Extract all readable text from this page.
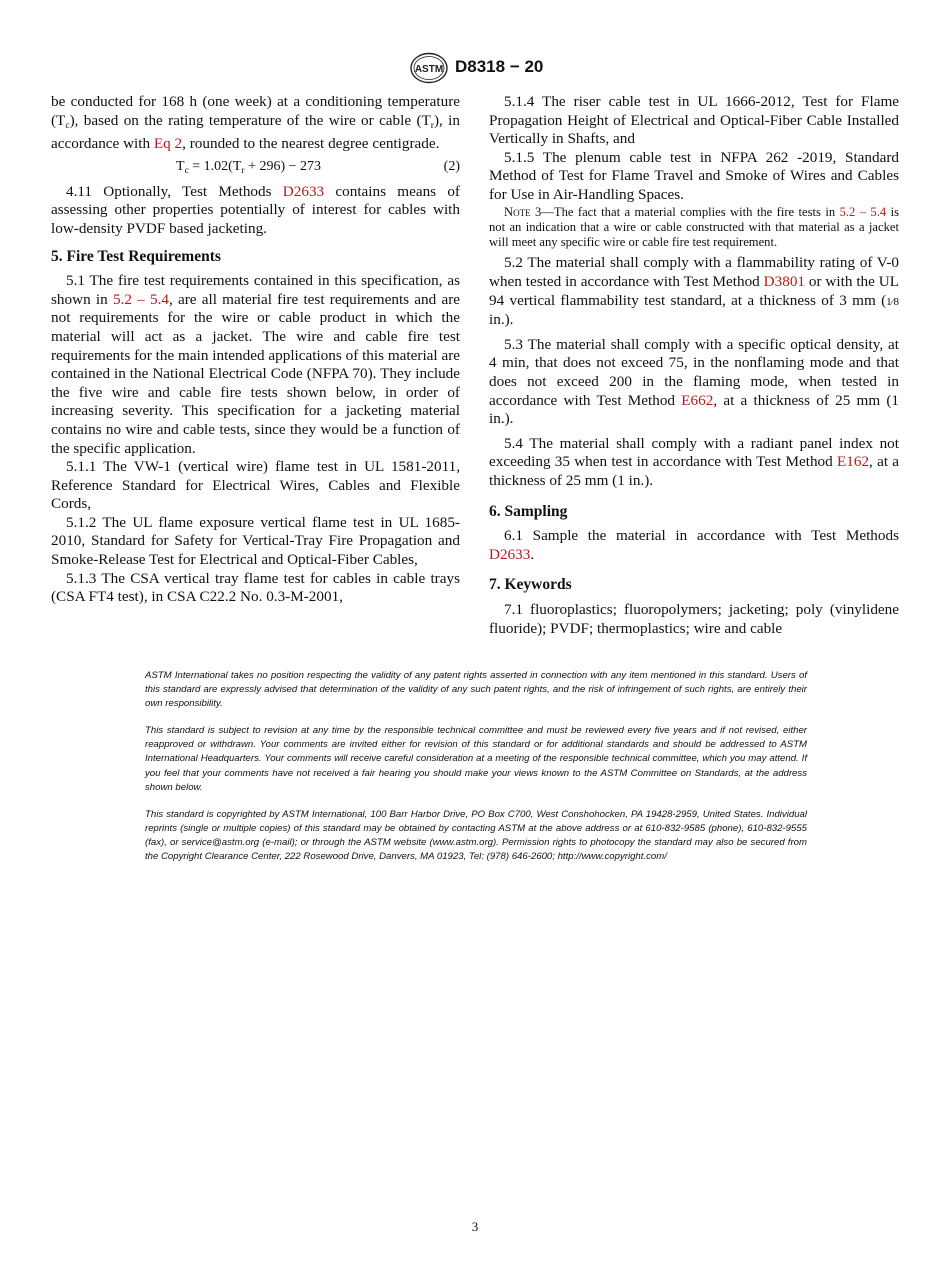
ASTM D8318 − 20

be conducted for 168 h (one week) at a conditioning temperature $(T_c)$, based on the rating temperature of the wire or cable $(T_r)$, in accordance with Eq 2, rounded to the nearest degree centigrade.

$T_c = 1.02(T_r + 296) - 273$	(2)

4.11 Optionally, Test Methods D2633 contains means of assessing other properties potentially of interest for cables with low-density PVDF based jacketing.

5. Fire Test Requirements

5.1 The fire test requirements contained in this specification, as shown in 5.2 – 5.4, are all material fire test requirements and are not requirements for the wire or cable product in which the material will act as a jacket. The wire and cable fire test requirements for the main intended applications of this material are contained in the National Electrical Code (NFPA 70). They include the five wire and cable fire tests shown below, in order of increasing severity. This specification for a jacketing material contains no wire and cable tests, since they would be a function of the specific application.

5.1.1 The VW-1 (vertical wire) flame test in UL 1581-2011, Reference Standard for Electrical Wires, Cables and Flexible Cords,

5.1.2 The UL flame exposure vertical flame test in UL 1685-2010, Standard for Safety for Vertical-Tray Fire Propagation and Smoke-Release Test for Electrical and Optical-Fiber Cables,

5.1.3 The CSA vertical tray flame test for cables in cable trays (CSA FT4 test), in CSA C22.2 No. 0.3-M-2001,

5.1.4 The riser cable test in UL 1666-2012, Test for Flame Propagation Height of Electrical and Optical-Fiber Cable Installed Vertically in Shafts, and

5.1.5 The plenum cable test in NFPA 262 -2019, Standard Method of Test for Flame Travel and Smoke of Wires and Cables for Use in Air-Handling Spaces.

Note 3—The fact that a material complies with the fire tests in 5.2 – 5.4 is not an indication that a wire or cable constructed with that material as a jacket will meet any specific wire or cable fire test requirement.

5.2 The material shall comply with a flammability rating of V-0 when tested in accordance with Test Method D3801 or with the UL 94 vertical flammability test standard, at a thickness of 3 mm (1⁄8 in.).

5.3 The material shall comply with a specific optical density, at 4 min, that does not exceed 75, in the nonflaming mode and that does not exceed 200 in the flaming mode, when tested in accordance with Test Method E662, at a thickness of 25 mm (1 in.).

5.4 The material shall comply with a radiant panel index not exceeding 35 when test in accordance with Test Method E162, at a thickness of 25 mm (1 in.).

6. Sampling

6.1 Sample the material in accordance with Test Methods D2633.

7. Keywords

7.1 fluoroplastics; fluoropolymers; jacketing; poly (vinylidene fluoride); PVDF; thermoplastics; wire and cable

ASTM International takes no position respecting the validity of any patent rights asserted in connection with any item mentioned in this standard. Users of this standard are expressly advised that determination of the validity of any such patent rights, and the risk of infringement of such rights, are entirely their own responsibility.

This standard is subject to revision at any time by the responsible technical committee and must be reviewed every five years and if not revised, either reapproved or withdrawn. Your comments are invited either for revision of this standard or for additional standards and should be addressed to ASTM International Headquarters. Your comments will receive careful consideration at a meeting of the responsible technical committee, which you may attend. If you feel that your comments have not received a fair hearing you should make your views known to the ASTM Committee on Standards, at the address shown below.

This standard is copyrighted by ASTM International, 100 Barr Harbor Drive, PO Box C700, West Conshohocken, PA 19428-2959, United States. Individual reprints (single or multiple copies) of this standard may be obtained by contacting ASTM at the above address or at 610-832-9585 (phone), 610-832-9555 (fax), or service@astm.org (e-mail); or through the ASTM website (www.astm.org). Permission rights to photocopy the standard may also be secured from the Copyright Clearance Center, 222 Rosewood Drive, Danvers, MA 01923, Tel: (978) 646-2600; http://www.copyright.com/

3
